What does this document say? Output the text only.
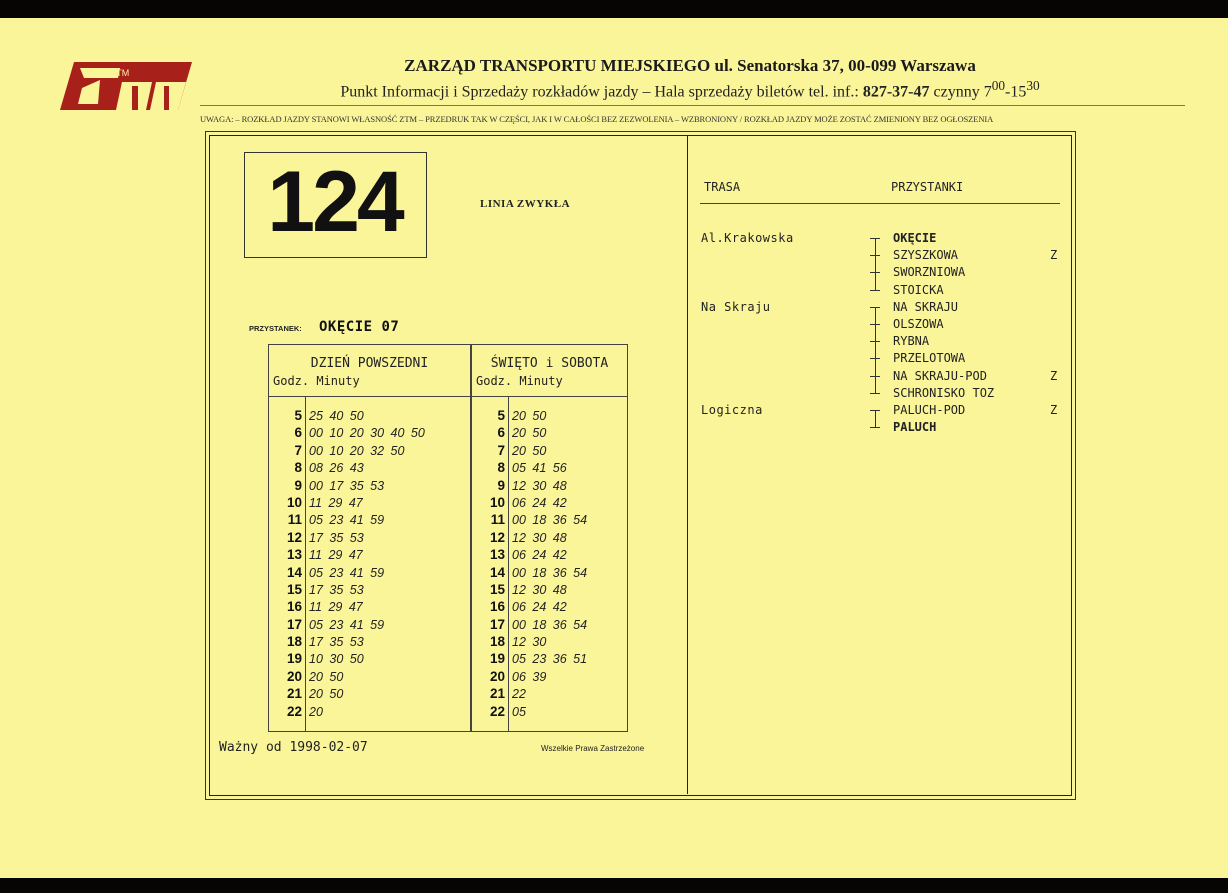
ZTM	ZARZĄD TRANSPORTU MIEJSKIEGO ul. Senatorska 37, 00-099 Warszawa
Punkt Informacji i Sprzedaży rozkładów jazdy – Hala sprzedaży biletów tel. inf.: 827-37-47 czynny $7^{00}-15^{30}$
UWAGA: – ROZKŁAD JAZDY STANOWI WŁASNOŚĆ ZTM – PRZEDRUK TAK W CZĘŚCI, JAK I W CAŁOŚCI BEZ ZEZWOLENIA – WZBRONIONY / ROZKŁAD JAZDY MOŻE ZOSTAĆ ZMIENIONY BEZ OGŁOSZENIA
124	LINIA ZWYKŁA
PRZYSTANEK: OKĘCIE 07
DZIEŃ POWSZEDNI
Godz. Minuty
5 25 40 50
6 00 10 20 30 40 50
7 00 10 20 32 50
8 08 26 43
9 00 17 35 53
10 11 29 47
11 05 23 41 59
12 17 35 53
13 11 29 47
14 05 23 41 59
15 17 35 53
16 11 29 47
17 05 23 41 59
18 17 35 53
19 10 30 50
20 20 50
21 20 50
22 20
ŚWIĘTO i SOBOTA
Godz. Minuty
5 20 50
6 20 50
7 20 50
8 05 41 56
9 12 30 48
10 06 24 42
11 00 18 36 54
12 12 30 48
13 06 24 42
14 00 18 36 54
15 12 30 48
16 06 24 42
17 00 18 36 54
18 12 30
19 05 23 36 51
20 06 39
21 22
22 05
Ważny od 1998-02-07	Wszelkie Prawa Zastrzeżone
TRASA	PRZYSTANKI
Al.Krakowska	OKĘCIE
SZYSZKOWA	Z
SWORZNIOWA
STOICKA
Na Skraju	NA SKRAJU
OLSZOWA
RYBNA
PRZELOTOWA
NA SKRAJU-POD	Z
SCHRONISKO TOZ
Logiczna	PALUCH-POD	Z
PALUCH
